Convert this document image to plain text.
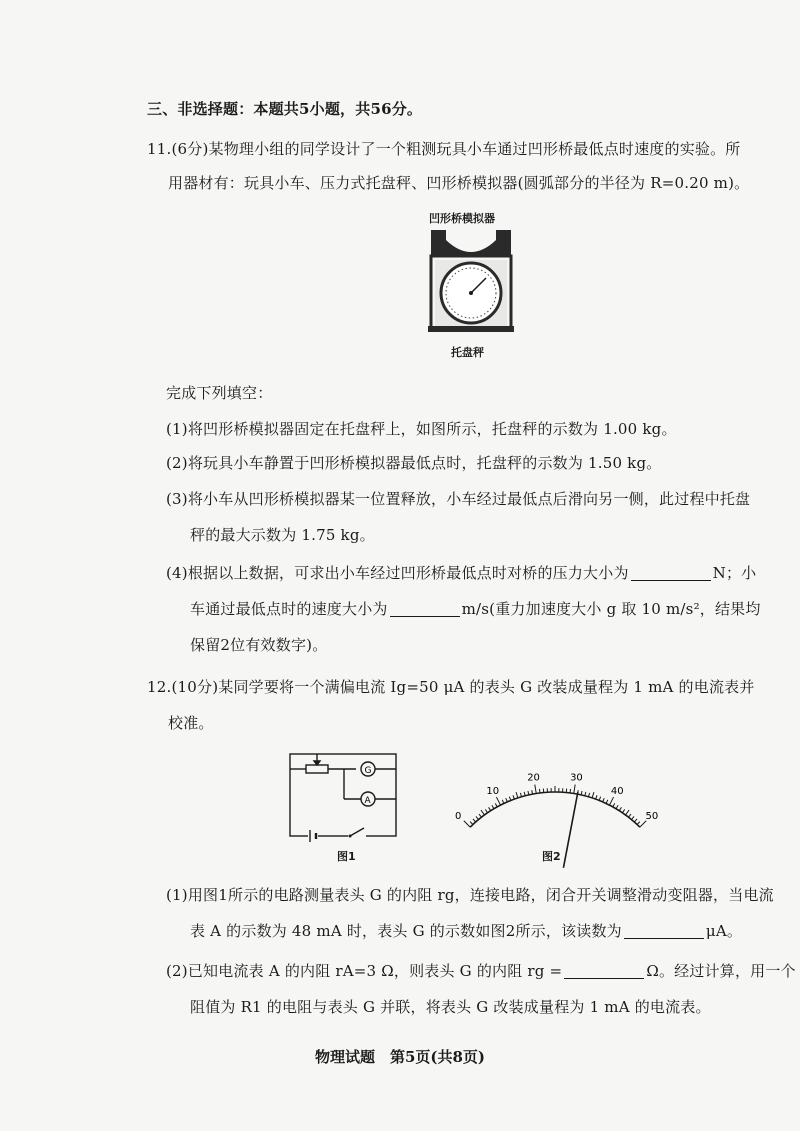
三、非选择题：本题共5小题，共56分。
11.(6分)某物理小组的同学设计了一个粗测玩具小车通过凹形桥最低点时速度的实验。所
用器材有：玩具小车、压力式托盘秤、凹形桥模拟器(圆弧部分的半径为 R=0.20 m)。
凹形桥模拟器
托盘秤
完成下列填空：
(1)将凹形桥模拟器固定在托盘秤上，如图所示，托盘秤的示数为 1.00 kg。
(2)将玩具小车静置于凹形桥模拟器最低点时，托盘秤的示数为 1.50 kg。
(3)将小车从凹形桥模拟器某一位置释放，小车经过最低点后滑向另一侧，此过程中托盘
秤的最大示数为 1.75 kg。
(4)根据以上数据，可求出小车经过凹形桥最低点时对桥的压力大小为	N；小
车通过最低点时的速度大小为	m/s(重力加速度大小 g 取 10 m/s²，结果均
保留2位有效数字)。
12.(10分)某同学要将一个满偏电流 Ig=50 μA 的表头 G 改装成量程为 1 mA 的电流表并
校准。
G
A
图1
0
10
20	30
40
50
图2
(1)用图1所示的电路测量表头 G 的内阻 rg，连接电路，闭合开关调整滑动变阻器，当电流
表 A 的示数为 48 mA 时，表头 G 的示数如图2所示，该读数为	μA。
(2)已知电流表 A 的内阻 rA=3 Ω，则表头 G 的内阻 rg =	Ω。经过计算，用一个
阻值为 R1 的电阻与表头 G 并联，将表头 G 改装成量程为 1 mA 的电流表。
物理试题　第5页(共8页)
